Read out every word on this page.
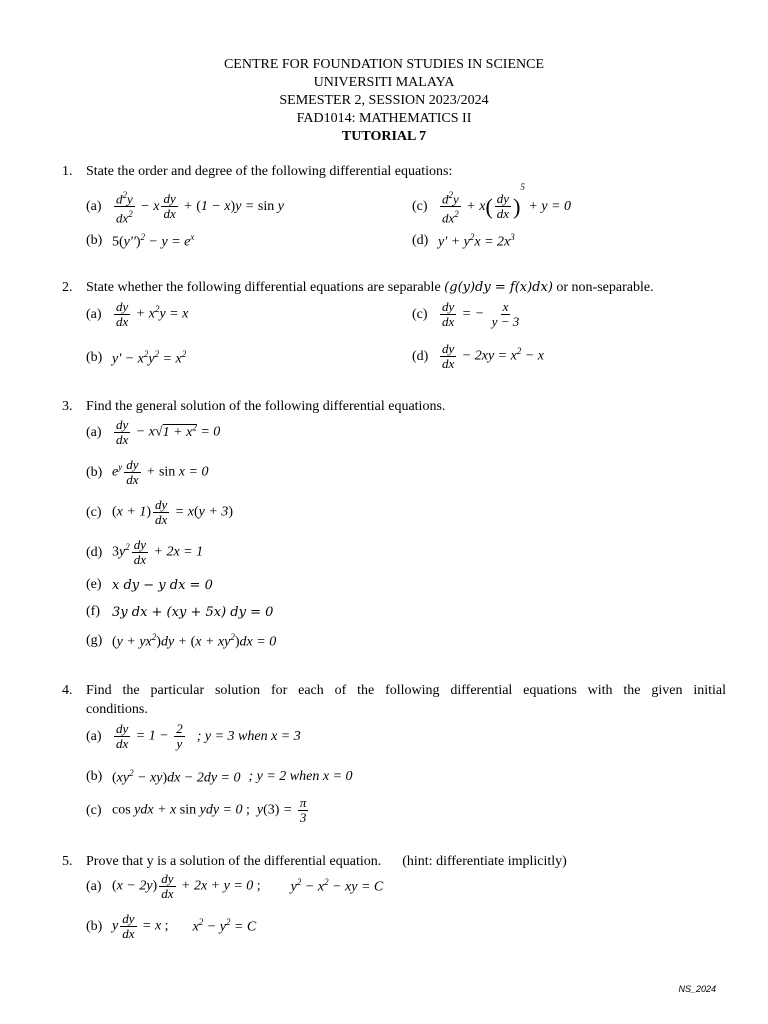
CENTRE FOR FOUNDATION STUDIES IN SCIENCE
UNIVERSITI MALAYA
SEMESTER 2, SESSION 2023/2024
FAD1014: MATHEMATICS II
TUTORIAL 7
1. State the order and degree of the following differential equations:
$(a) \frac{d^2y}{dx^2} - x \frac{dy}{dx} + (1 - x)y = \sin y$	$(c) \frac{d^2y}{dx^2} + x( \frac{dy}{dx} )^5 + y = 0$
(b) $5(y'')^2 - y = e^x$	(d) $y' + y^2x = 2x^3$
2. State whether the following differential equations are separable (g(y)dy = f(x)dx) or non-separable.
$(a) \frac{dy}{dx} + x^2y = x$	$(c) \frac{dy}{dx}$ = − $\frac{x}{y - 3}$
(b) $y' - x^2y^2 = x^2$	$(d) \frac{dy}{dx} - 2xy = x^2 - x$
3. Find the general solution of the following differential equations.
$(a) \frac{dy}{dx} - x√1 + x^2 = 0$
(b) $e^y \frac{dy}{dx} + \sin x = 0$
(c) $(x + 1) \frac{dy}{dx} = x(y + 3)$
(d) $3y^2 \frac{dy}{dx} + 2x = 1$
(e) x dy − y dx = 0
(f) 3y dx + (xy + 5x) dy = 0
(g) $(y + yx^2)dy + (x + xy^2)dx = 0$
4. Find the particular solution for each of the following differential equations with the given initial
conditions.
$(a) \frac{dy}{dx} = 1 - \frac{2}{y}$ ; y = 3 when x = 3
(b) $(xy^2 - xy)dx - 2dy = 0$ ; y = 2 when x = 0
(c) cos ydx + x sin ydy = 0 ;  $y(3) = \frac{\pi}{3}$
5. Prove that y is a solution of the differential equation. (hint: differentiate implicitly)
(a) $(x - 2y) \frac{dy}{dx} + 2x + y = 0$ ; $y^2 - x^2$ − xy = C
(b) y $\frac{dy}{dx} = x$ ; $x^2 - y^2 = C$
NS_2024
